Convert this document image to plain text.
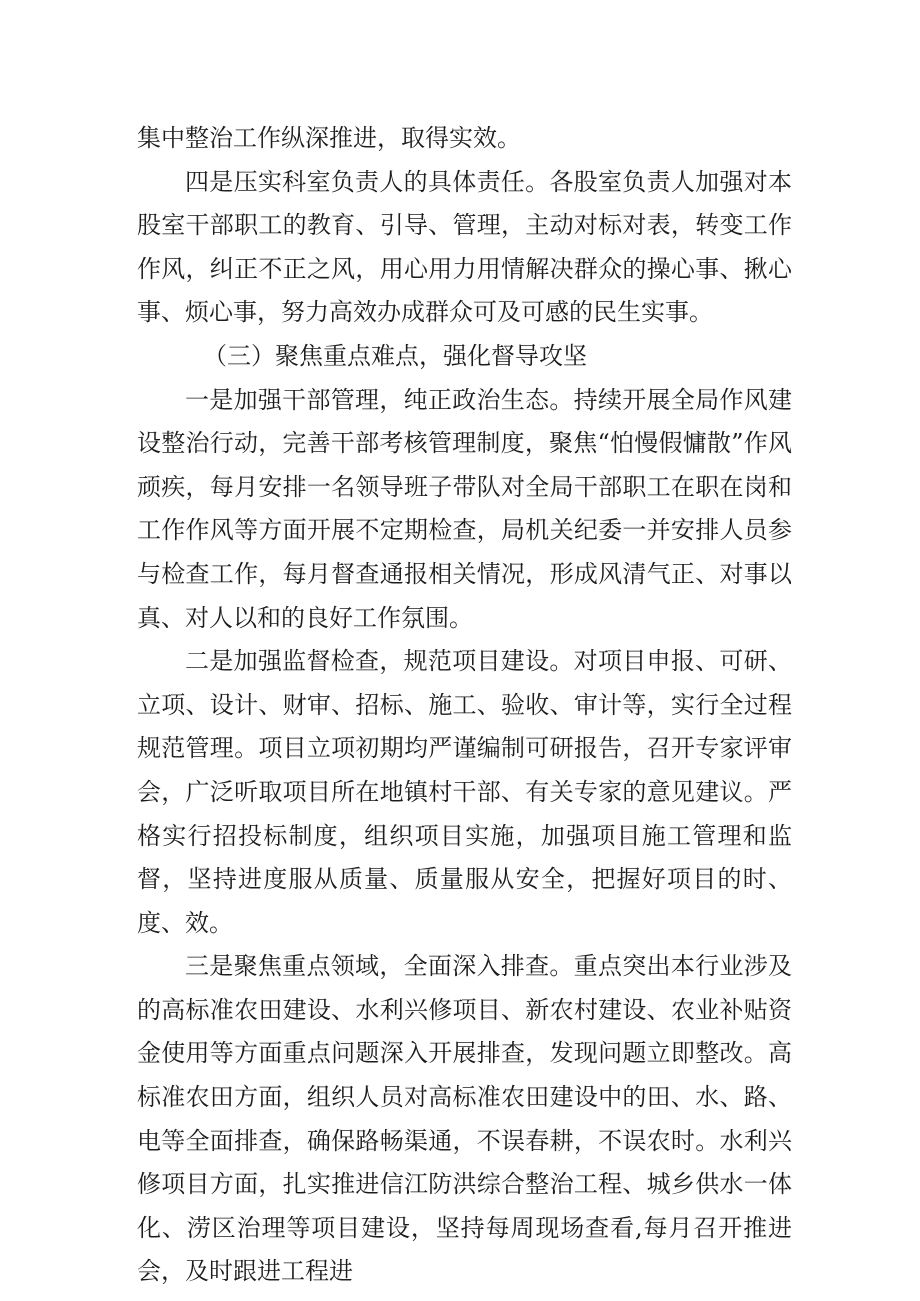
集中整治工作纵深推进，取得实效。

四是压实科室负责人的具体责任。各股室负责人加强对本股室干部职工的教育、引导、管理，主动对标对表，转变工作作风，纠正不正之风，用心用力用情解决群众的操心事、揪心事、烦心事，努力高效办成群众可及可感的民生实事。

（三）聚焦重点难点，强化督导攻坚

一是加强干部管理，纯正政治生态。持续开展全局作风建设整治行动，完善干部考核管理制度，聚焦“怕慢假慵散”作风顽疾，每月安排一名领导班子带队对全局干部职工在职在岗和工作作风等方面开展不定期检查，局机关纪委一并安排人员参与检查工作，每月督查通报相关情况，形成风清气正、对事以真、对人以和的良好工作氛围。

二是加强监督检查，规范项目建设。对项目申报、可研、立项、设计、财审、招标、施工、验收、审计等，实行全过程规范管理。项目立项初期均严谨编制可研报告，召开专家评审会，广泛听取项目所在地镇村干部、有关专家的意见建议。严格实行招投标制度，组织项目实施，加强项目施工管理和监督，坚持进度服从质量、质量服从安全，把握好项目的时、度、效。

三是聚焦重点领域，全面深入排查。重点突出本行业涉及的高标准农田建设、水利兴修项目、新农村建设、农业补贴资金使用等方面重点问题深入开展排查，发现问题立即整改。高标准农田方面，组织人员对高标准农田建设中的田、水、路、电等全面排查，确保路畅渠通，不误春耕，不误农时。水利兴修项目方面，扎实推进信江防洪综合整治工程、城乡供水一体化、涝区治理等项目建设，坚持每周现场查看,每月召开推进会，及时跟进工程进
